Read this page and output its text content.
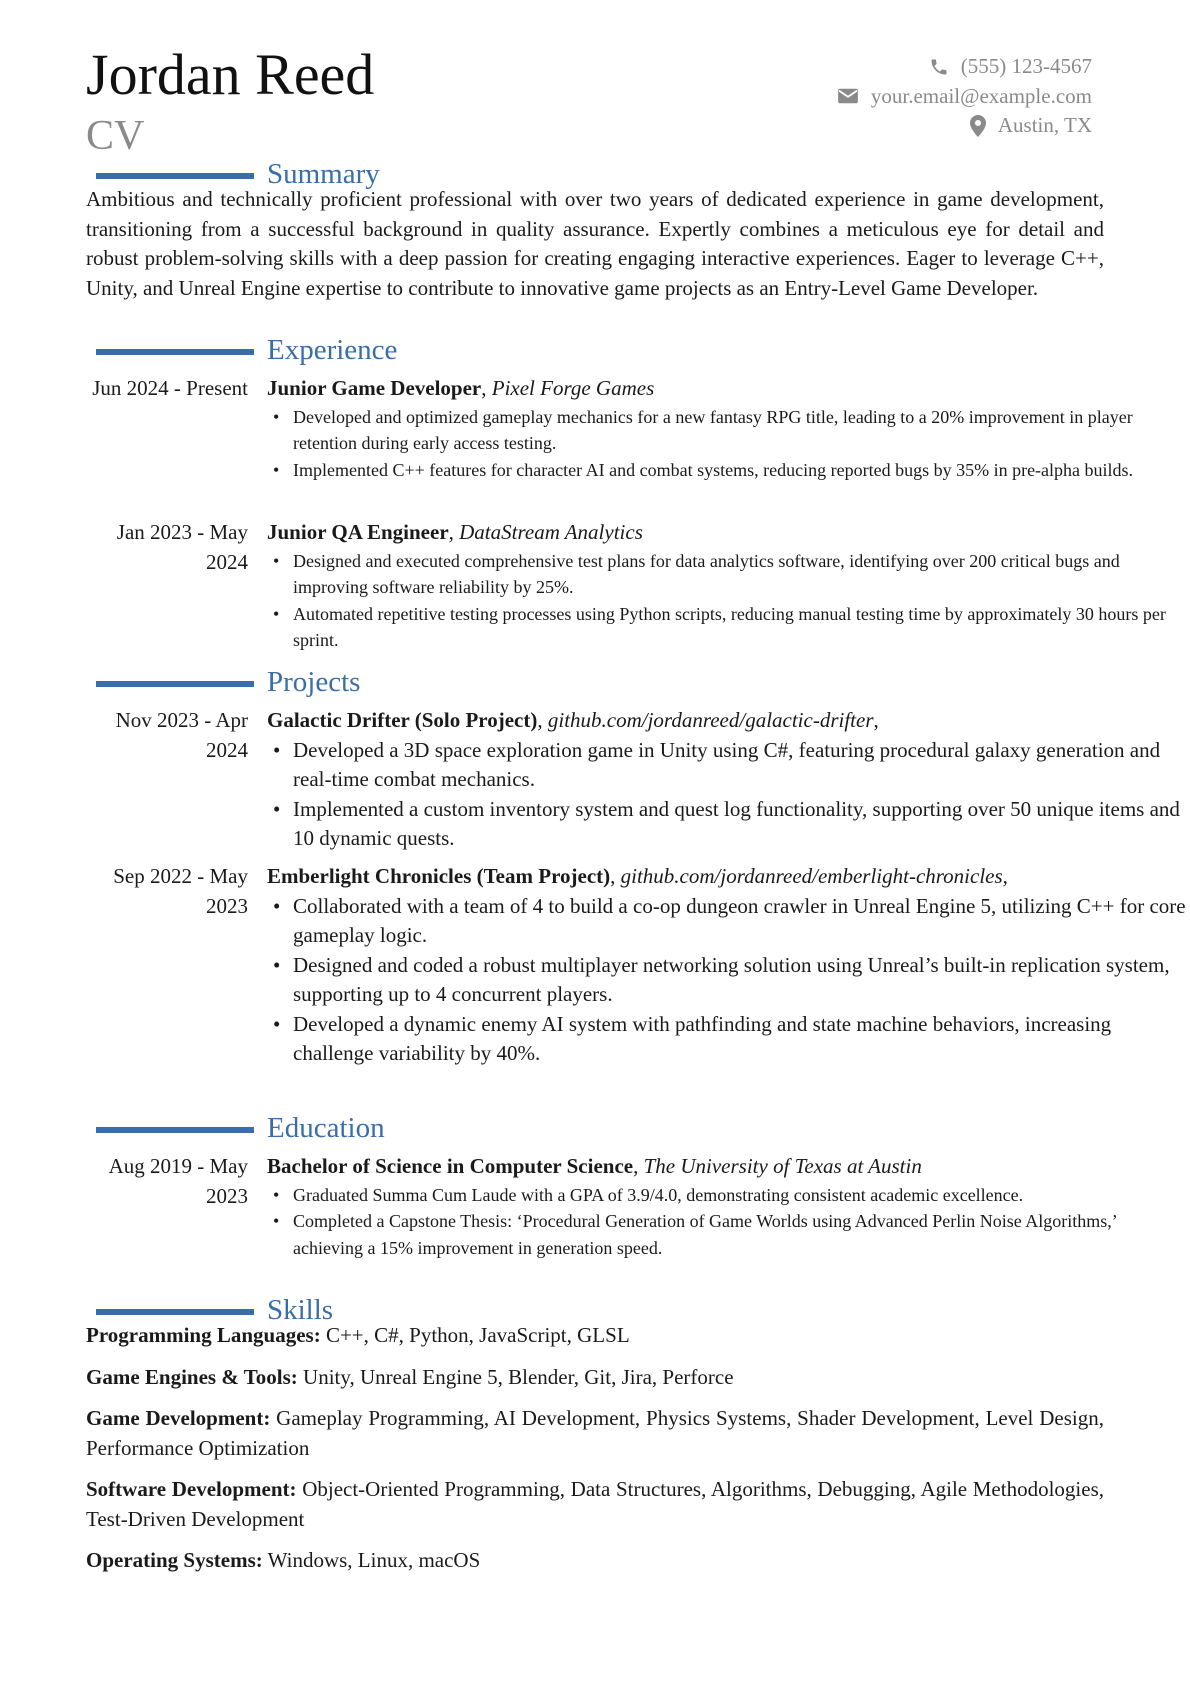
Jordan Reed
CV
(555) 123-4567
your.email@example.com
Austin, TX
Summary
Ambitious and technically proficient professional with over two years of dedicated experience in game development, transitioning from a successful background in quality assurance. Expertly combines a meticulous eye for detail and robust problem-solving skills with a deep passion for creating engaging interactive experiences. Eager to leverage C++, Unity, and Unreal Engine expertise to contribute to innovative game projects as an Entry-Level Game Developer.
Experience
Jun 2024 - Present Junior Game Developer, Pixel Forge Games
• Developed and optimized gameplay mechanics for a new fantasy RPG title, leading to a 20% improvement in player retention during early access testing.
• Implemented C++ features for character AI and combat systems, reducing reported bugs by 35% in pre-alpha builds.
Jan 2023 - May 2024
Junior QA Engineer, DataStream Analytics
• Designed and executed comprehensive test plans for data analytics software, identifying over 200 critical bugs and improving software reliability by 25%.
• Automated repetitive testing processes using Python scripts, reducing manual testing time by approximately 30 hours per sprint.
Projects
Nov 2023 - Apr 2024
Galactic Drifter (Solo Project), github.com/jordanreed/galactic-drifter,
• Developed a 3D space exploration game in Unity using C#, featuring procedural galaxy generation and real-time combat mechanics.
• Implemented a custom inventory system and quest log functionality, supporting over 50 unique items and 10 dynamic quests.
Sep 2022 - May 2023
Emberlight Chronicles (Team Project), github.com/jordanreed/emberlight-chronicles,
• Collaborated with a team of 4 to build a co-op dungeon crawler in Unreal Engine 5, utilizing C++ for core gameplay logic.
• Designed and coded a robust multiplayer networking solution using Unreal’s built-in replication system, supporting up to 4 concurrent players.
• Developed a dynamic enemy AI system with pathfinding and state machine behaviors, increasing challenge variability by 40%.
Education
Aug 2019 - May 2023
Bachelor of Science in Computer Science, The University of Texas at Austin
• Graduated Summa Cum Laude with a GPA of 3.9/4.0, demonstrating consistent academic excellence.
• Completed a Capstone Thesis: ‘Procedural Generation of Game Worlds using Advanced Perlin Noise Algorithms,’ achieving a 15% improvement in generation speed.
Skills
Programming Languages: C++, C#, Python, JavaScript, GLSL
Game Engines & Tools: Unity, Unreal Engine 5, Blender, Git, Jira, Perforce
Game Development: Gameplay Programming, AI Development, Physics Systems, Shader Development, Level Design, Performance Optimization
Software Development: Object-Oriented Programming, Data Structures, Algorithms, Debugging, Agile Methodologies, Test-Driven Development
Operating Systems: Windows, Linux, macOS
